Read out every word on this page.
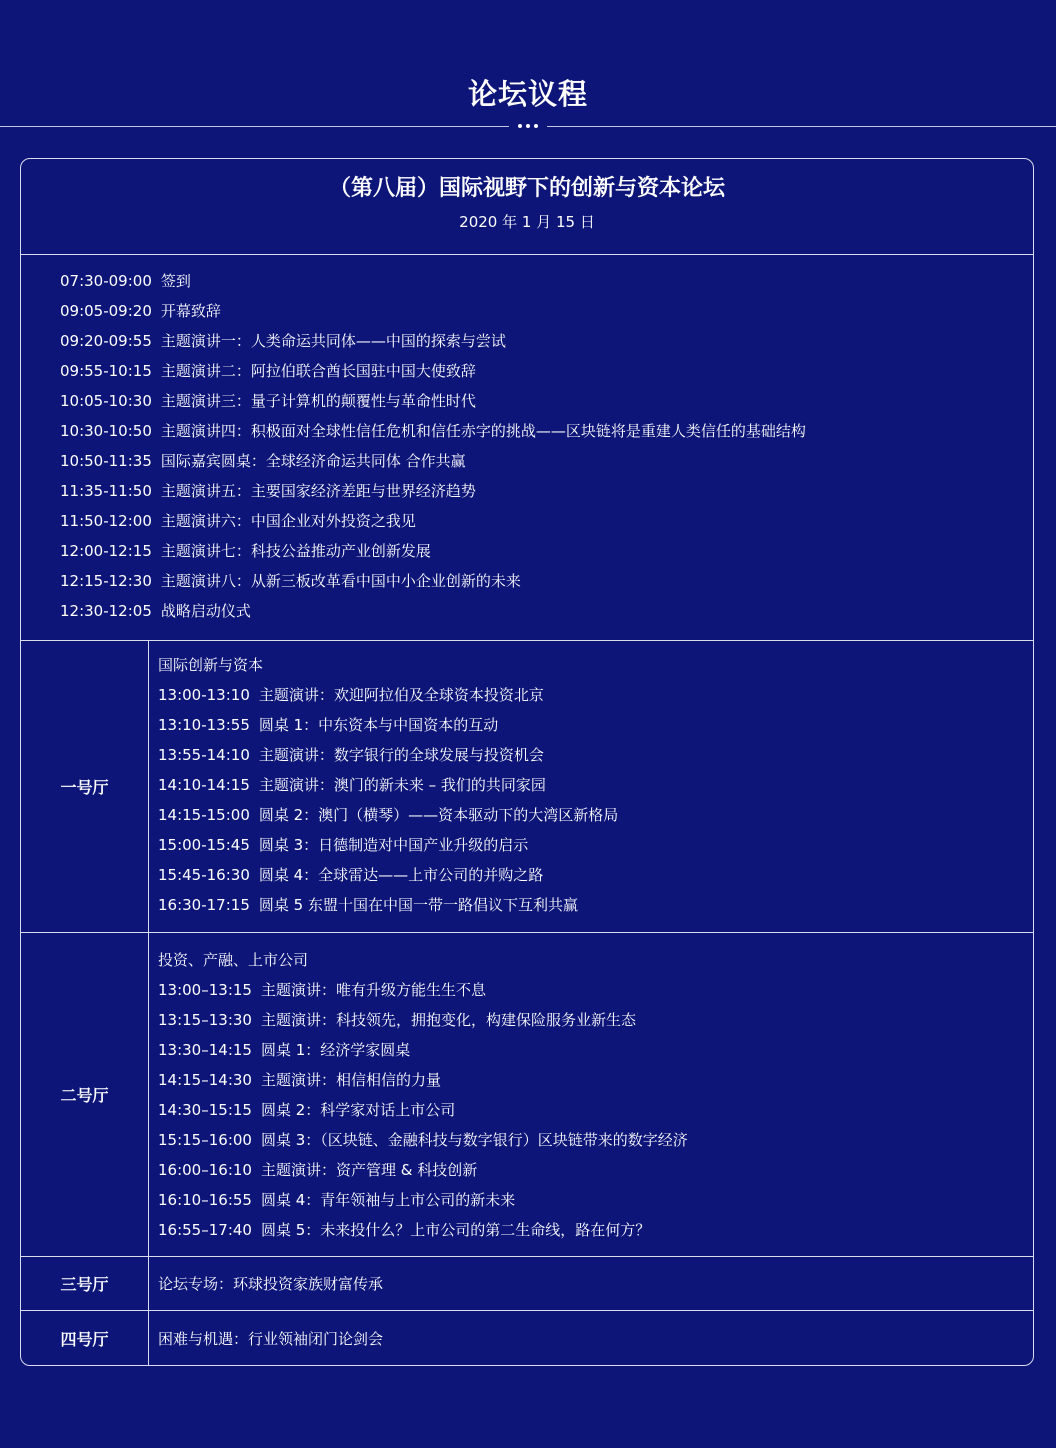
论坛议程
（第八届）国际视野下的创新与资本论坛
2020 年 1 月 15 日
07:30-09:00 签到
09:05-09:20 开幕致辞
09:20-09:55 主题演讲一：人类命运共同体——中国的探索与尝试
09:55-10:15 主题演讲二：阿拉伯联合酋长国驻中国大使致辞
10:05-10:30 主题演讲三：量子计算机的颠覆性与革命性时代
10:30-10:50 主题演讲四：积极面对全球性信任危机和信任赤字的挑战——区块链将是重建人类信任的基础结构
10:50-11:35 国际嘉宾圆桌：全球经济命运共同体 合作共赢
11:35-11:50 主题演讲五：主要国家经济差距与世界经济趋势
11:50-12:00 主题演讲六：中国企业对外投资之我见
12:00-12:15 主题演讲七：科技公益推动产业创新发展
12:15-12:30 主题演讲八：从新三板改革看中国中小企业创新的未来
12:30-12:05 战略启动仪式
一号厅
国际创新与资本
13:00-13:10 主题演讲：欢迎阿拉伯及全球资本投资北京
13:10-13:55 圆桌 1：中东资本与中国资本的互动
13:55-14:10 主题演讲：数字银行的全球发展与投资机会
14:10-14:15 主题演讲：澳门的新未来 – 我们的共同家园
14:15-15:00 圆桌 2：澳门（横琴）——资本驱动下的大湾区新格局
15:00-15:45 圆桌 3：日德制造对中国产业升级的启示
15:45-16:30 圆桌 4：全球雷达——上市公司的并购之路
16:30-17:15 圆桌 5 东盟十国在中国一带一路倡议下互利共赢
二号厅
投资、产融、上市公司
13:00–13:15 主题演讲：唯有升级方能生生不息
13:15–13:30 主题演讲：科技领先，拥抱变化，构建保险服务业新生态
13:30–14:15 圆桌 1：经济学家圆桌
14:15–14:30 主题演讲：相信相信的力量
14:30–15:15 圆桌 2：科学家对话上市公司
15:15–16:00 圆桌 3：（区块链、金融科技与数字银行）区块链带来的数字经济
16:00–16:10 主题演讲：资产管理 & 科技创新
16:10–16:55 圆桌 4：青年领袖与上市公司的新未来
16:55–17:40 圆桌 5：未来投什么？上市公司的第二生命线，路在何方？
三号厅	论坛专场：环球投资家族财富传承
四号厅	困难与机遇：行业领袖闭门论剑会
